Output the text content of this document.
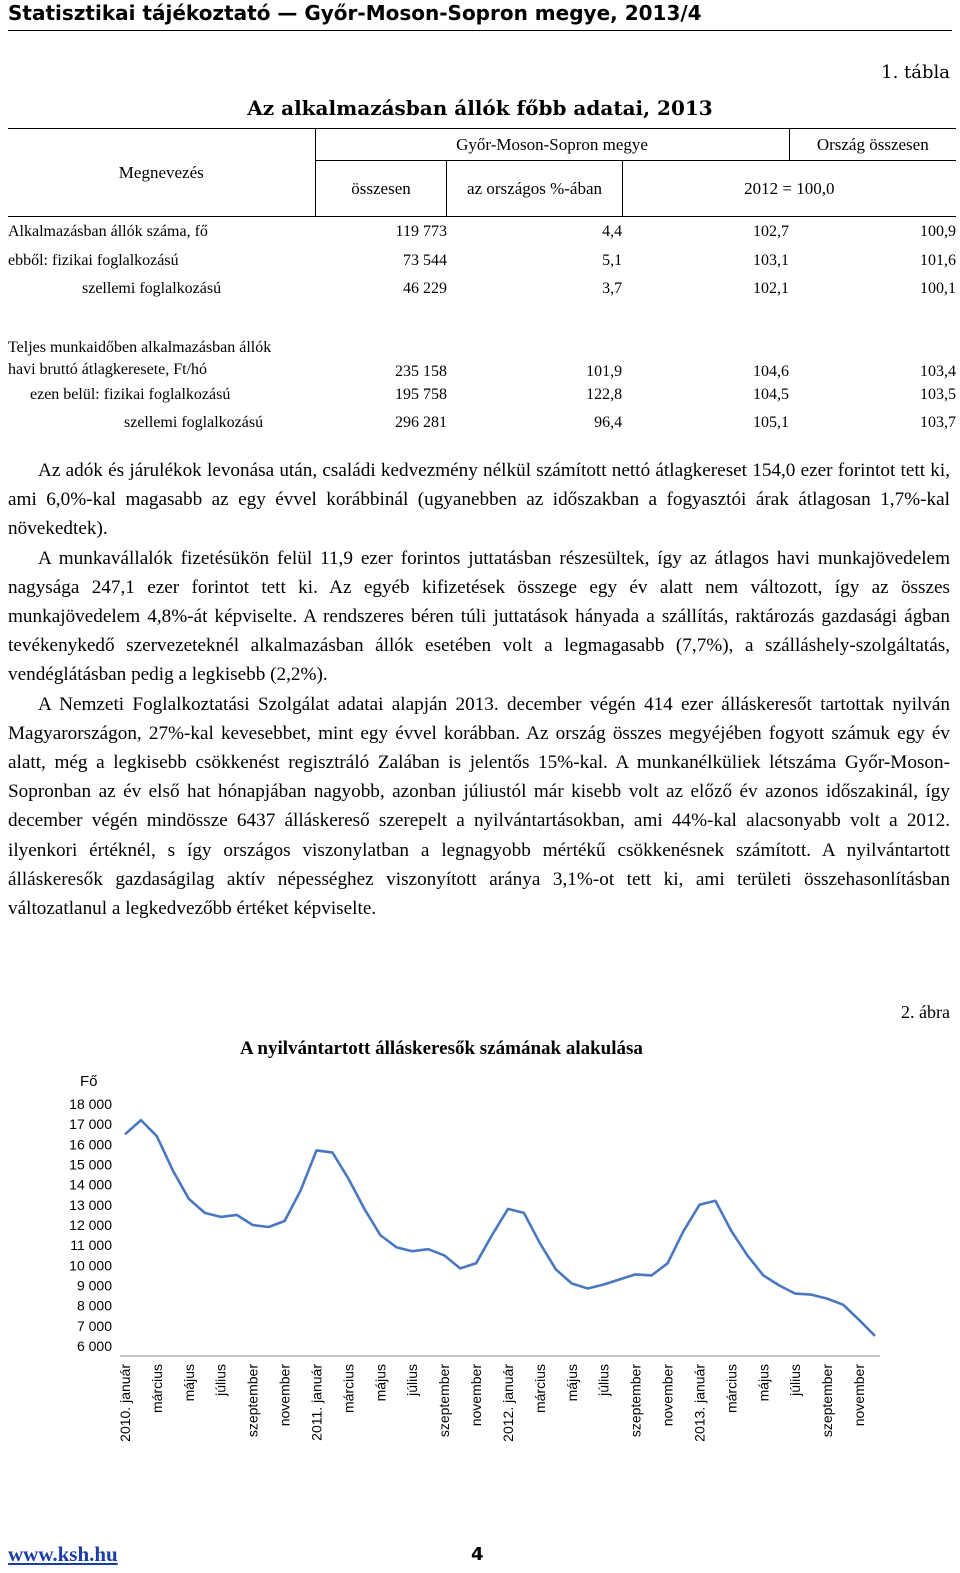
Statisztikai tájékoztató — Győr-Moson-Sopron megye, 2013/4
1. tábla
Az alkalmazásban állók főbb adatai, 2013
Megnevezés	Győr-Moson-Sopron megye			Ország összesen
	összesen	az országos %-ában	2012 = 100,0	
Alkalmazásban állók száma, fő	119 773	4,4	102,7	100,9
ebből: fizikai foglalkozású	73 544	5,1	103,1	101,6
szellemi foglalkozású	46 229	3,7	102,1	100,1
Teljes munkaidőben alkalmazásban állók havi bruttó átlagkeresete, Ft/hó	235 158	101,9	104,6	103,4
ezen belül: fizikai foglalkozású	195 758	122,8	104,5	103,5
szellemi foglalkozású	296 281	96,4	105,1	103,7

Az adók és járulékok levonása után, családi kedvezmény nélkül számított nettó átlagkereset 154,0 ezer forintot tett ki, ami 6,0%-kal magasabb az egy évvel korábbinál (ugyanebben az időszakban a fogyasztói árak átlagosan 1,7%-kal növekedtek).

A munkavállalók fizetésükön felül 11,9 ezer forintos juttatásban részesültek, így az átlagos havi munkajövedelem nagysága 247,1 ezer forintot tett ki. Az egyéb kifizetések összege egy év alatt nem változott, így az összes munkajövedelem 4,8%-át képviselte. A rendszeres béren túli juttatások hányada a szállítás, raktározás gazdasági ágban tevékenykedő szervezeteknél alkalmazásban állók esetében volt a legmagasabb (7,7%), a szálláshely-szolgáltatás, vendéglátásban pedig a legkisebb (2,2%).

A Nemzeti Foglalkoztatási Szolgálat adatai alapján 2013. december végén 414 ezer álláskeresőt tartottak nyilván Magyarországon, 27%-kal kevesebbet, mint egy évvel korábban. Az ország összes megyéjében fogyott számuk egy év alatt, még a legkisebb csökkenést regisztráló Zalában is jelentős 15%-kal. A munkanélküliek létszáma Győr-Moson-Sopronban az év első hat hónapjában nagyobb, azonban júliustól már kisebb volt az előző év azonos időszakinál, így december végén mindössze 6437 álláskereső szerepelt a nyilvántartásokban, ami 44%-kal alacsonyabb volt a 2012. ilyenkori értéknél, s így országos viszonylatban a legnagyobb mértékű csökkenésnek számított. A nyilvántartott álláskeresők gazdaságilag aktív népességhez viszonyított aránya 3,1%-ot tett ki, ami területi összehasonlításban változatlanul a legkedvezőbb értéket képviselte.

2. ábra
A nyilvántartott álláskeresők számának alakulása
Fő
6 000
7 000
8 000
9 000
10 000
11 000
12 000
13 000
14 000
15 000
16 000
17 000
18 000
2010. január március május július szeptember november 2011. január március május július szeptember november 2012. január március május július szeptember november 2013. január március május július szeptember november
www.ksh.hu	4
